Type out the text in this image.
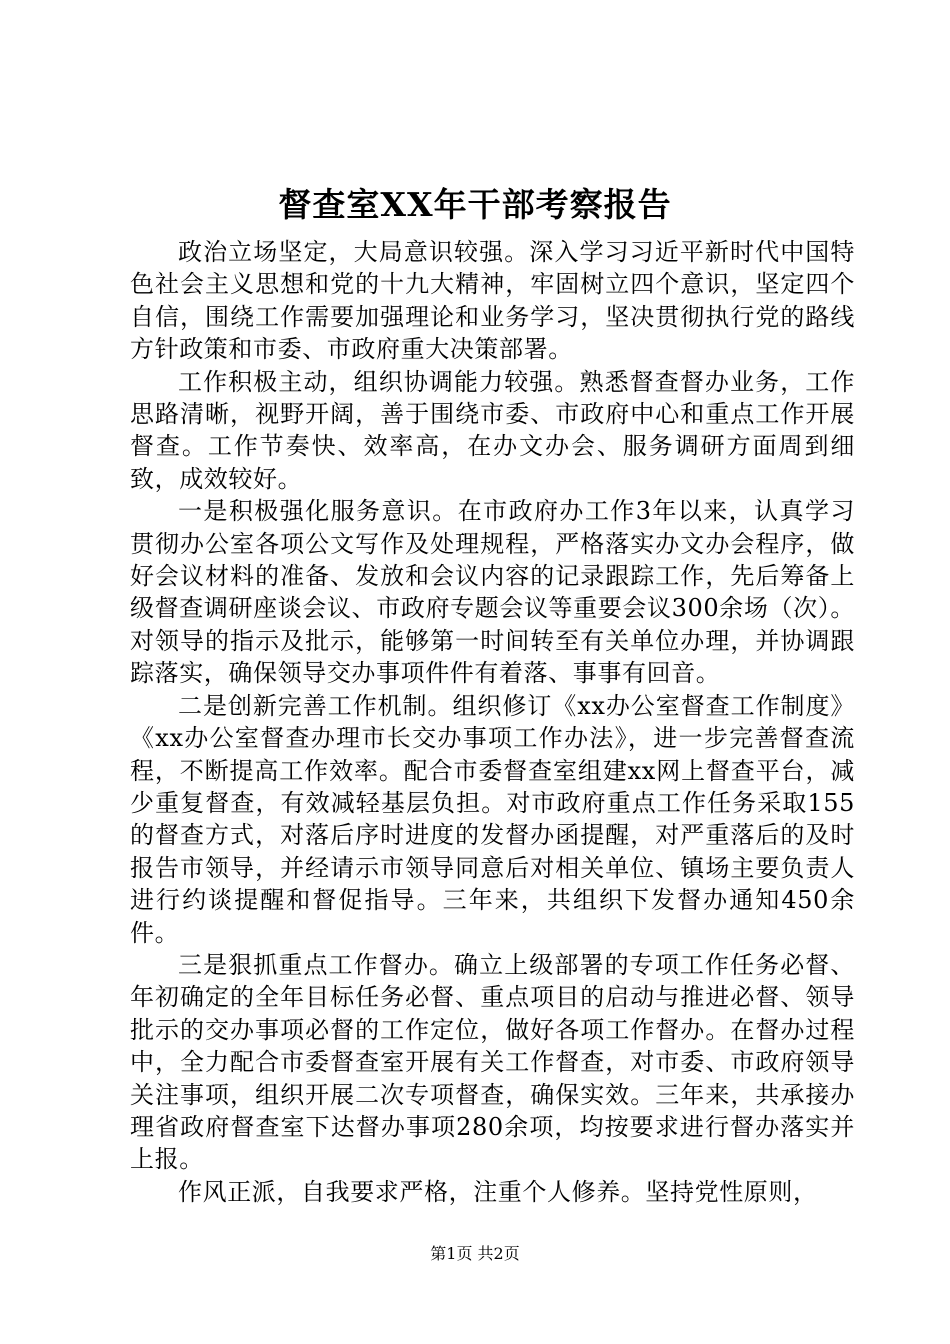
督查室XX年干部考察报告

政治立场坚定，大局意识较强。深入学习习近平新时代中国特色社会主义思想和党的十九大精神，牢固树立四个意识，坚定四个自信，围绕工作需要加强理论和业务学习，坚决贯彻执行党的路线方针政策和市委、市政府重大决策部署。

工作积极主动，组织协调能力较强。熟悉督查督办业务，工作思路清晰，视野开阔，善于围绕市委、市政府中心和重点工作开展督查。工作节奏快、效率高，在办文办会、服务调研方面周到细致，成效较好。

一是积极强化服务意识。在市政府办工作3年以来，认真学习贯彻办公室各项公文写作及处理规程，严格落实办文办会程序，做好会议材料的准备、发放和会议内容的记录跟踪工作，先后筹备上级督查调研座谈会议、市政府专题会议等重要会议300余场（次）。对领导的指示及批示，能够第一时间转至有关单位办理，并协调跟踪落实，确保领导交办事项件件有着落、事事有回音。

二是创新完善工作机制。组织修订《xx办公室督查工作制度》《xx办公室督查办理市长交办事项工作办法》，进一步完善督查流程，不断提高工作效率。配合市委督查室组建xx网上督查平台，减少重复督查，有效减轻基层负担。对市政府重点工作任务采取155的督查方式，对落后序时进度的发督办函提醒，对严重落后的及时报告市领导，并经请示市领导同意后对相关单位、镇场主要负责人进行约谈提醒和督促指导。三年来，共组织下发督办通知450余件。

三是狠抓重点工作督办。确立上级部署的专项工作任务必督、年初确定的全年目标任务必督、重点项目的启动与推进必督、领导批示的交办事项必督的工作定位，做好各项工作督办。在督办过程中，全力配合市委督查室开展有关工作督查，对市委、市政府领导关注事项，组织开展二次专项督查，确保实效。三年来，共承接办理省政府督查室下达督办事项280余项，均按要求进行督办落实并上报。

作风正派，自我要求严格，注重个人修养。坚持党性原则，

第1页 共2页
